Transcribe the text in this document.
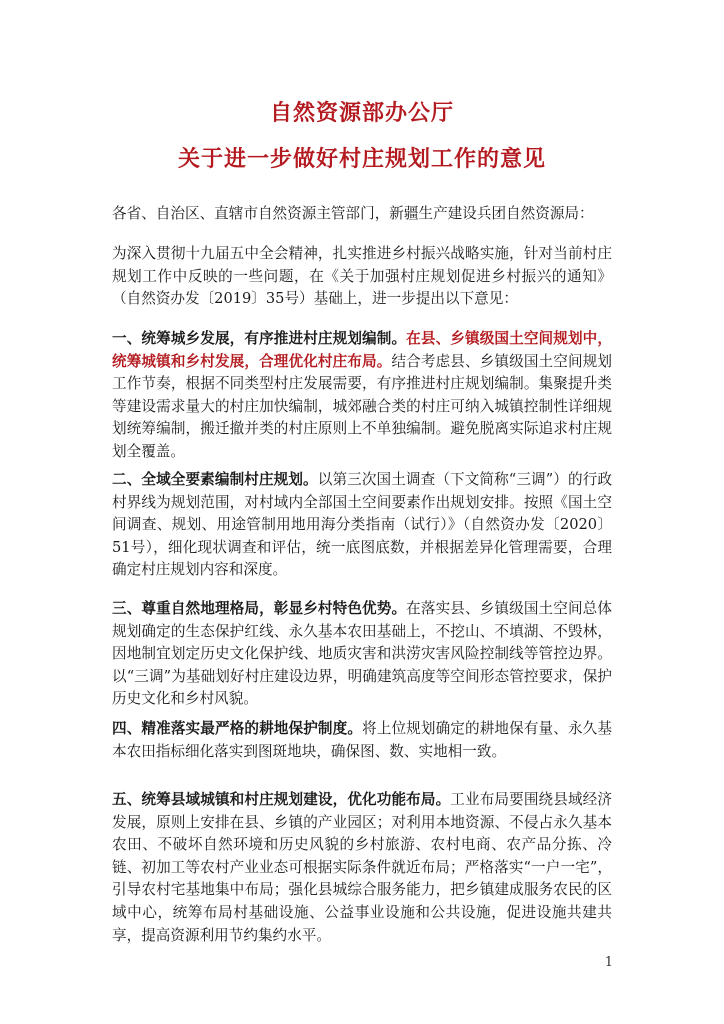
自然资源部办公厅
关于进一步做好村庄规划工作的意见

各省、自治区、直辖市自然资源主管部门，新疆生产建设兵团自然资源局：

为深入贯彻十九届五中全会精神，扎实推进乡村振兴战略实施，针对当前村庄规划工作中反映的一些问题，在《关于加强村庄规划促进乡村振兴的通知》（自然资办发〔2019〕35号）基础上，进一步提出以下意见：

一、统筹城乡发展，有序推进村庄规划编制。在县、乡镇级国土空间规划中，统筹城镇和乡村发展，合理优化村庄布局。结合考虑县、乡镇级国土空间规划工作节奏，根据不同类型村庄发展需要，有序推进村庄规划编制。集聚提升类等建设需求量大的村庄加快编制，城郊融合类的村庄可纳入城镇控制性详细规划统筹编制，搬迁撤并类的村庄原则上不单独编制。避免脱离实际追求村庄规划全覆盖。

二、全域全要素编制村庄规划。以第三次国土调查（下文简称“三调”）的行政村界线为规划范围，对村域内全部国土空间要素作出规划安排。按照《国土空间调查、规划、用途管制用地用海分类指南（试行）》（自然资办发〔2020〕51号），细化现状调查和评估，统一底图底数，并根据差异化管理需要，合理确定村庄规划内容和深度。

三、尊重自然地理格局，彰显乡村特色优势。在落实县、乡镇级国土空间总体规划确定的生态保护红线、永久基本农田基础上，不挖山、不填湖、不毁林，因地制宜划定历史文化保护线、地质灾害和洪涝灾害风险控制线等管控边界。以“三调”为基础划好村庄建设边界，明确建筑高度等空间形态管控要求，保护历史文化和乡村风貌。

四、精准落实最严格的耕地保护制度。将上位规划确定的耕地保有量、永久基本农田指标细化落实到图斑地块，确保图、数、实地相一致。

五、统筹县域城镇和村庄规划建设，优化功能布局。工业布局要围绕县域经济发展，原则上安排在县、乡镇的产业园区；对利用本地资源、不侵占永久基本农田、不破坏自然环境和历史风貌的乡村旅游、农村电商、农产品分拣、冷链、初加工等农村产业业态可根据实际条件就近布局；严格落实“一户一宅”，引导农村宅基地集中布局；强化县城综合服务能力，把乡镇建成服务农民的区域中心，统筹布局村基础设施、公益事业设施和公共设施，促进设施共建共享，提高资源利用节约集约水平。

1
